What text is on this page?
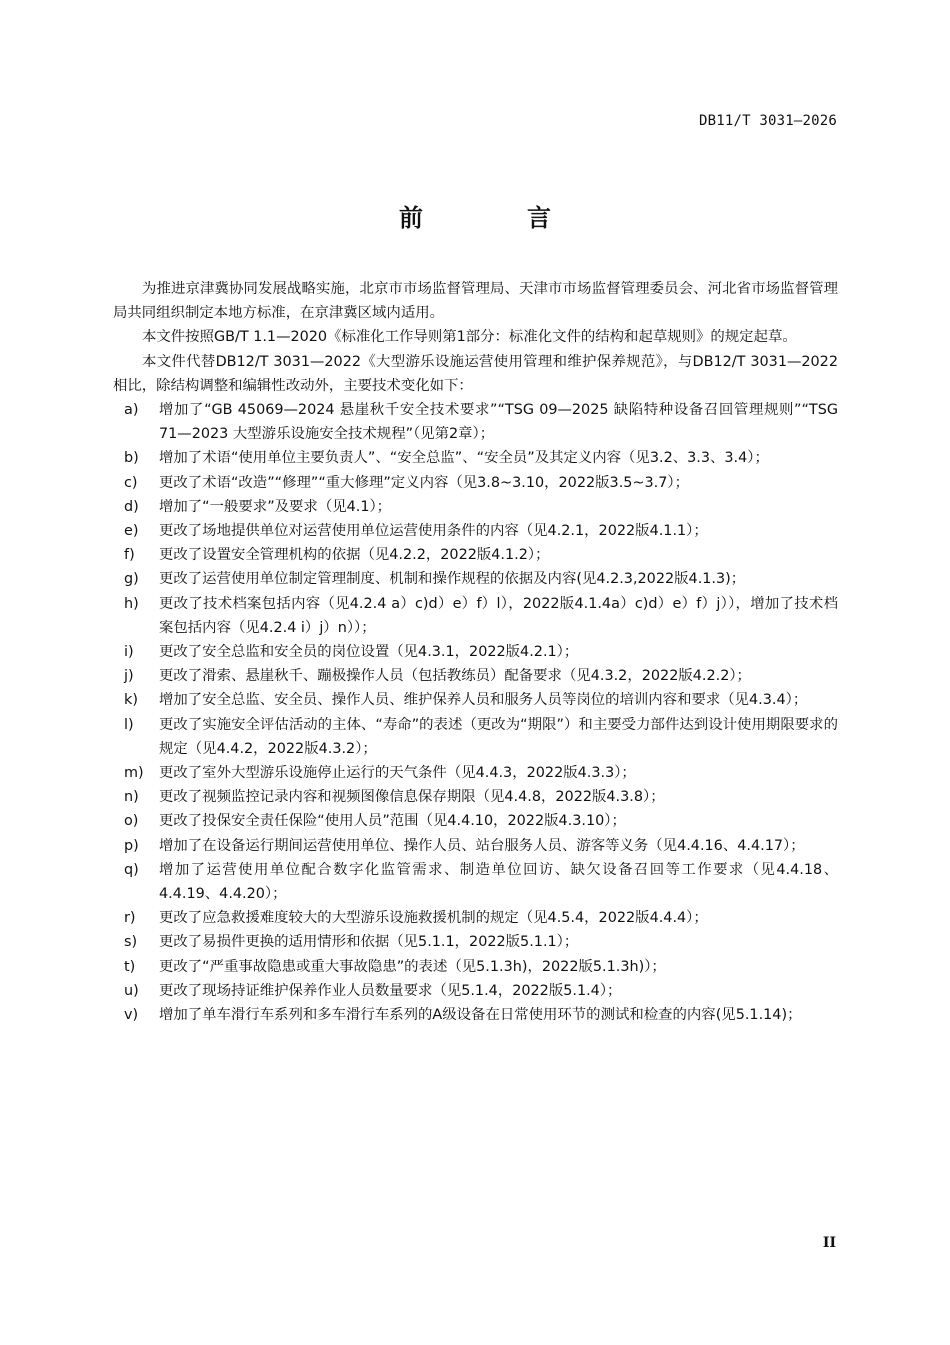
DB11/T 3031—2026
前　言

为推进京津冀协同发展战略实施，北京市市场监督管理局、天津市市场监督管理委员会、河北省市场监督管理局共同组织制定本地方标准，在京津冀区域内适用。

本文件按照GB/T 1.1—2020《标准化工作导则第1部分：标准化文件的结构和起草规则》的规定起草。

本文件代替DB12/T 3031—2022《大型游乐设施运营使用管理和维护保养规范》，与DB12/T 3031—2022相比，除结构调整和编辑性改动外，主要技术变化如下：

a)	增加了“GB 45069—2024 悬崖秋千安全技术要求”“TSG 09—2025 缺陷特种设备召回管理规则”“TSG 71—2023 大型游乐设施安全技术规程”（见第2章）；
b)	增加了术语“使用单位主要负责人”、“安全总监”、“安全员”及其定义内容（见3.2、3.3、3.4）；
c)	更改了术语“改造”“修理”“重大修理”定义内容（见3.8~3.10，2022版3.5~3.7）；
d)	增加了“一般要求”及要求（见4.1）；
e)	更改了场地提供单位对运营使用单位运营使用条件的内容（见4.2.1，2022版4.1.1）；
f)	更改了设置安全管理机构的依据（见4.2.2，2022版4.1.2）；
g)	更改了运营使用单位制定管理制度、机制和操作规程的依据及内容(见4.2.3,2022版4.1.3)；
h)	更改了技术档案包括内容（见4.2.4 a）c)d）e）f）l），2022版4.1.4a）c)d）e）f）j）），增加了技术档案包括内容（见4.2.4 i）j）n））；
i)	更改了安全总监和安全员的岗位设置（见4.3.1，2022版4.2.1）；
j)	更改了滑索、悬崖秋千、蹦极操作人员（包括教练员）配备要求（见4.3.2，2022版4.2.2）；
k)	增加了安全总监、安全员、操作人员、维护保养人员和服务人员等岗位的培训内容和要求（见4.3.4）；
l)	更改了实施安全评估活动的主体、“寿命”的表述（更改为“期限”）和主要受力部件达到设计使用期限要求的规定（见4.4.2，2022版4.3.2）；
m)	更改了室外大型游乐设施停止运行的天气条件（见4.4.3，2022版4.3.3）；
n)	更改了视频监控记录内容和视频图像信息保存期限（见4.4.8，2022版4.3.8）；
o)	更改了投保安全责任保险“使用人员”范围（见4.4.10，2022版4.3.10）；
p)	增加了在设备运行期间运营使用单位、操作人员、站台服务人员、游客等义务（见4.4.16、4.4.17）；
q)	增加了运营使用单位配合数字化监管需求、制造单位回访、缺欠设备召回等工作要求（见4.4.18、4.4.19、4.4.20）；
r)	更改了应急救援难度较大的大型游乐设施救援机制的规定（见4.5.4，2022版4.4.4）；
s)	更改了易损件更换的适用情形和依据（见5.1.1，2022版5.1.1）；
t)	更改了“严重事故隐患或重大事故隐患”的表述（见5.1.3h)，2022版5.1.3h)）；
u)	更改了现场持证维护保养作业人员数量要求（见5.1.4，2022版5.1.4）；
v)	增加了单车滑行车系列和多车滑行车系列的A级设备在日常使用环节的测试和检查的内容(见5.1.14)；
II
